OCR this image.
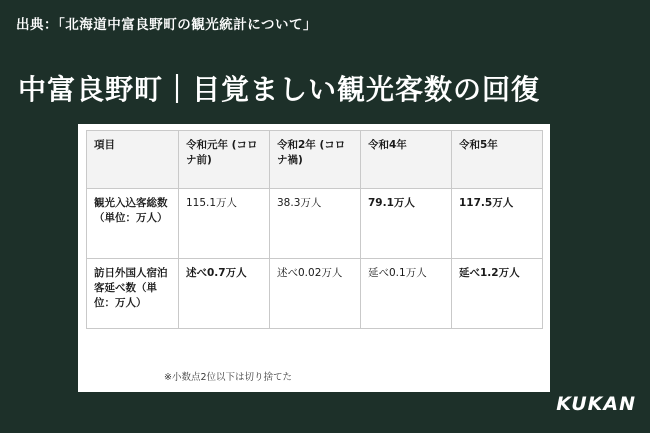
出典：「北海道中富良野町の観光統計について」
中富良野町｜目覚ましい観光客数の回復
項目	令和元年 (コロナ前)	令和2年 (コロナ禍)	令和4年	令和5年
観光入込客総数（単位：万人）	115.1万人	38.3万人	79.1万人	117.5万人
訪日外国人宿泊客延べ数（単位：万人）	述べ0.7万人	述べ0.02万人	延べ0.1万人	延べ1.2万人
※小数点2位以下は切り捨てた
KUKAN
